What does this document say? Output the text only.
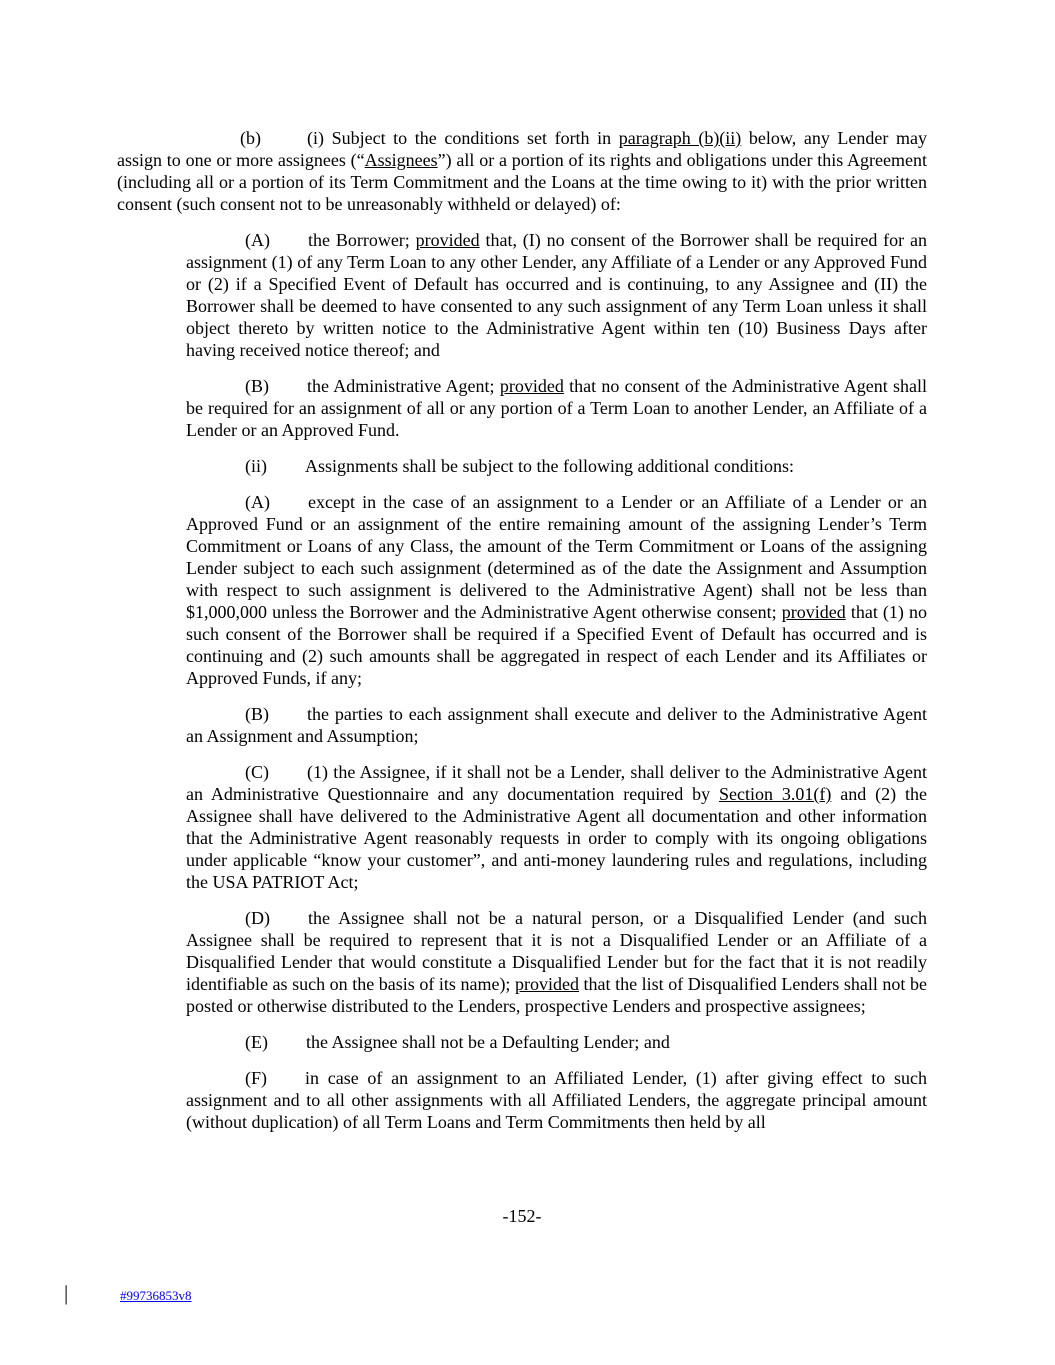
(b)	(i) Subject to the conditions set forth in paragraph (b)(ii) below, any Lender may assign to one or more assignees (“Assignees”) all or a portion of its rights and obligations under this Agreement (including all or a portion of its Term Commitment and the Loans at the time owing to it) with the prior written consent (such consent not to be unreasonably withheld or delayed) of:

(A) the Borrower; provided that, (I) no consent of the Borrower shall be required for an assignment (1) of any Term Loan to any other Lender, any Affiliate of a Lender or any Approved Fund or (2) if a Specified Event of Default has occurred and is continuing, to any Assignee and (II) the Borrower shall be deemed to have consented to any such assignment of any Term Loan unless it shall object thereto by written notice to the Administrative Agent within ten (10) Business Days after having received notice thereof; and

(B) the Administrative Agent; provided that no consent of the Administrative Agent shall be required for an assignment of all or any portion of a Term Loan to another Lender, an Affiliate of a Lender or an Approved Fund.

(ii) Assignments shall be subject to the following additional conditions:

(A) except in the case of an assignment to a Lender or an Affiliate of a Lender or an Approved Fund or an assignment of the entire remaining amount of the assigning Lender’s Term Commitment or Loans of any Class, the amount of the Term Commitment or Loans of the assigning Lender subject to each such assignment (determined as of the date the Assignment and Assumption with respect to such assignment is delivered to the Administrative Agent) shall not be less than $1,000,000 unless the Borrower and the Administrative Agent otherwise consent; provided that (1) no such consent of the Borrower shall be required if a Specified Event of Default has occurred and is continuing and (2) such amounts shall be aggregated in respect of each Lender and its Affiliates or Approved Funds, if any;

(B) the parties to each assignment shall execute and deliver to the Administrative Agent an Assignment and Assumption;

(C) (1) the Assignee, if it shall not be a Lender, shall deliver to the Administrative Agent an Administrative Questionnaire and any documentation required by Section 3.01(f) and (2) the Assignee shall have delivered to the Administrative Agent all documentation and other information that the Administrative Agent reasonably requests in order to comply with its ongoing obligations under applicable “know your customer”, and anti-money laundering rules and regulations, including the USA PATRIOT Act;

(D) the Assignee shall not be a natural person, or a Disqualified Lender (and such Assignee shall be required to represent that it is not a Disqualified Lender or an Affiliate of a Disqualified Lender that would constitute a Disqualified Lender but for the fact that it is not readily identifiable as such on the basis of its name); provided that the list of Disqualified Lenders shall not be posted or otherwise distributed to the Lenders, prospective Lenders and prospective assignees;

(E) the Assignee shall not be a Defaulting Lender; and

(F) in case of an assignment to an Affiliated Lender, (1) after giving effect to such assignment and to all other assignments with all Affiliated Lenders, the aggregate principal amount (without duplication) of all Term Loans and Term Commitments then held by all

-152-
|	#99736853v8
